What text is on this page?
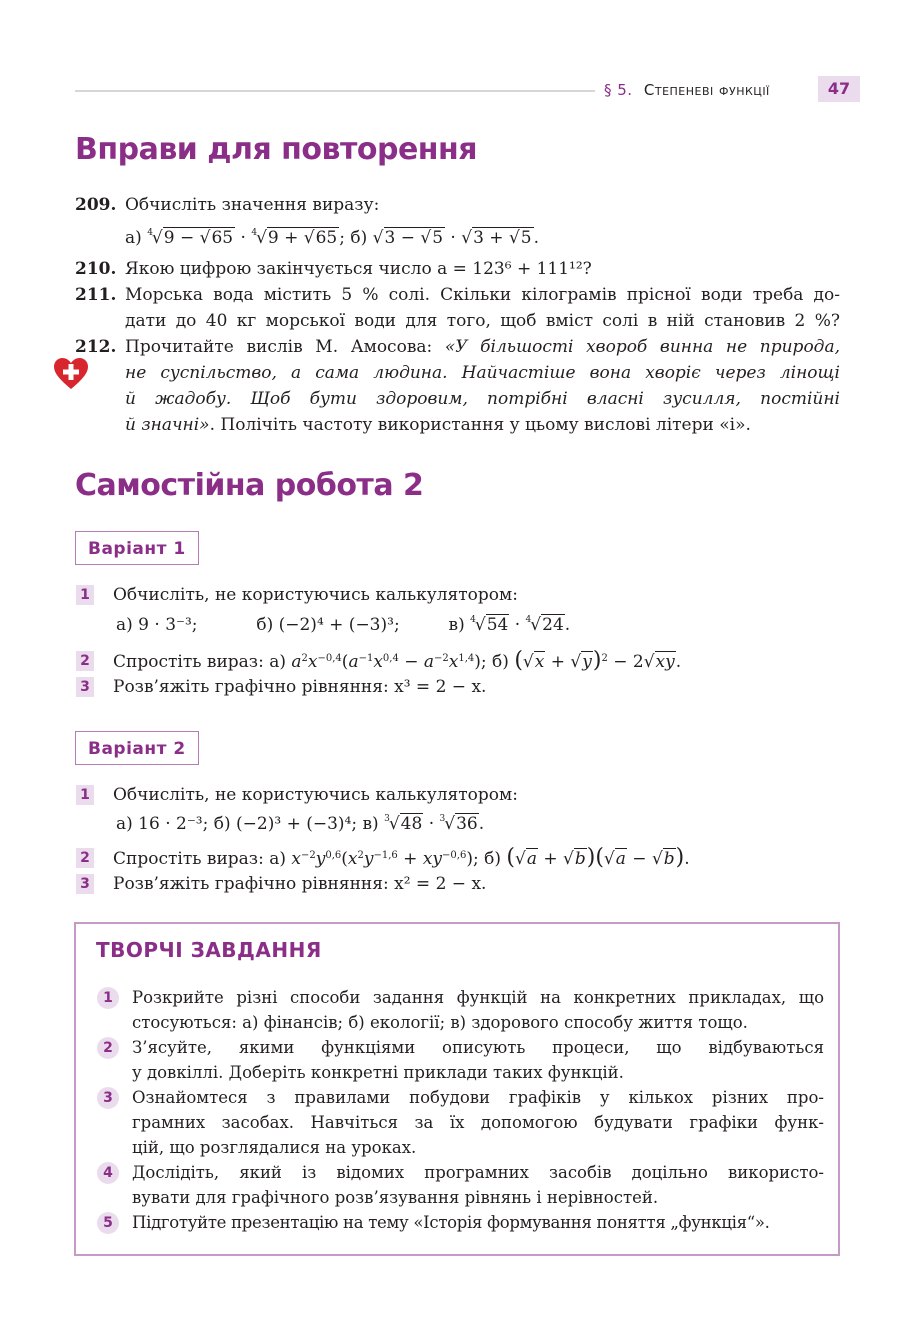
§ 5. Степеневі функції	47
Вправи для повторення
209. Обчисліть значення виразу:
а) $^4$√9 − √65 · $^4$√9 + √65 ; б) √3 − √5 · √3 + √5 .
210. Якою цифрою закінчується число a = 123⁶ + 111¹²?
211. Морська вода містить 5 % солі. Скільки кілограмів прісної води треба до-
дати до 40 кг морської води для того, щоб вміст солі в ній становив 2 %?
212. Прочитайте вислів М. Амосова: «У більшості хвороб винна не природа,
не суспільство, а сама людина. Найчастіше вона хворіє через лінощі
й жадобу. Щоб бути здоровим, потрібні власні зусилля, постійні
й значні». Полічіть частоту використання у цьому вислові літери «і».
Самостійна робота 2
Варіант 1
1 Обчисліть, не користуючись калькулятором:
а) 9 · 3⁻³;	б) (−2)⁴ + (−3)³;	в) $^4$√54 · $^4$√24.
2 Спростіть вираз: а) $a^2x^{-0,4}(a^{-1}x^{0,4} - a^{-2}x^{1,4})$; б) $(√x + √y)^2 - 2√xy$.
3 Розв’яжіть графічно рівняння: x³ = 2 − x.
Варіант 2
1 Обчисліть, не користуючись калькулятором:
а) 16 · 2⁻³; б) (−2)³ + (−3)⁴; в) $^3$√48 · $^3$√36.
2 Спростіть вираз: а) $x^{-2}y^{0,6}(x^2y^{-1,6} + xy^{-0,6})$; б) (√a + √b)(√a − √b).
3 Розв’яжіть графічно рівняння: x² = 2 − x.
ТВОРЧІ ЗАВДАННЯ
1	Розкрийте різні способи задання функцій на конкретних прикладах, що
стосуються: а) фінансів; б) екології; в) здорового способу життя тощо.
2	З’ясуйте, якими функціями описують процеси, що відбуваються
у довкіллі. Доберіть конкретні приклади таких функцій.
3	Ознайомтеся з правилами побудови графіків у кількох різних про-
грамних засобах. Навчіться за їх допомогою будувати графіки функ-
цій, що розглядалися на уроках.
4	Дослідіть, який із відомих програмних засобів доцільно використо-
вувати для графічного розв’язування рівнянь і нерівностей.
5	Підготуйте презентацію на тему «Історія формування поняття „функція“».
